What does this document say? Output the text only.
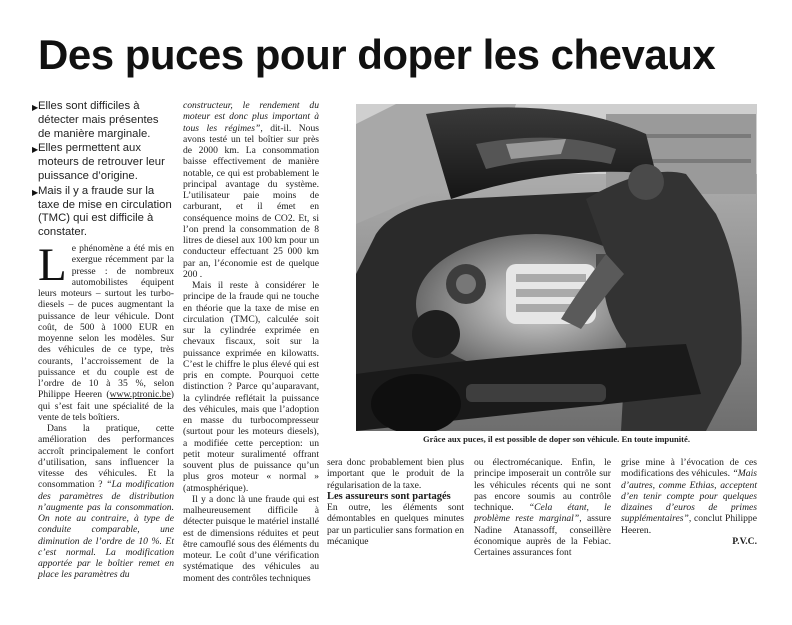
Des puces pour doper les chevaux
▶ Elles sont difficiles à détecter mais présentes de manière marginale.
▶ Elles permettent aux moteurs de retrouver leur puissance d’origine.
▶ Mais il y a fraude sur la taxe de mise en circulation (TMC) qui est difficile à constater.

Le phénomène a été mis en exergue récemment par la presse : de nombreux automobilistes équipent leurs moteurs – surtout les turbo-diesels – de puces augmentant la puissance de leur véhicule. Dont coût, de 500 à 1000 EUR en moyenne selon les modèles. Sur des véhicules de ce type, très courants, l’accroissement de la puissance et du couple est de l’ordre de 10 à 35 %, selon Philippe Heeren (www.ptronic.be) qui s’est fait une spécialité de la vente de tels boîtiers.

Dans la pratique, cette amélioration des performances accroît principalement le confort d’utilisation, sans influencer la vitesse des véhicules. Et la consommation ? “La modification des paramètres de distribution n’augmente pas la consommation. On note au contraire, à type de conduite comparable, une diminution de l’ordre de 10 %. Et c’est normal. La modification apportée par le boîtier remet en place les paramètres du

constructeur, le rendement du moteur est donc plus important à tous les régimes”, dit-il. Nous avons testé un tel boîtier sur près de 2000 km. La consommation baisse effectivement de manière notable, ce qui est probablement le principal avantage du système. L’utilisateur paie moins de carburant, et il émet en conséquence moins de CO2. Et, si l’on prend la consommation de 8 litres de diesel aux 100 km pour un conducteur effectuant 25 000 km par an, l’économie est de quelque 200 .

Mais il reste à considérer le principe de la fraude qui ne touche en théorie que la taxe de mise en circulation (TMC), calculée soit sur la cylindrée exprimée en chevaux fiscaux, soit sur la puissance exprimée en kilowatts. C’est le chiffre le plus élevé qui est pris en compte. Pourquoi cette distinction ? Parce qu’auparavant, la cylindrée reflétait la puissance des véhicules, mais que l’adoption en masse du turbocompresseur (surtout pour les moteurs diesels), a modifiée cette perception: un petit moteur suralimenté offrant souvent plus de puissance qu’un plus gros moteur « normal » (atmosphérique).

Il y a donc là une fraude qui est malheureusement difficile à détecter puisque le matériel installé est de dimensions réduites et peut être camouflé sous des éléments du moteur. Le coût d’une vérification systématique des véhicules au moment des contrôles techniques

Grâce aux puces, il est possible de doper son véhicule. En toute impunité.

sera donc probablement bien plus important que le produit de la régularisation de la taxe.

Les assureurs sont partagés

En outre, les éléments sont démontables en quelques minutes par un particulier sans formation en mécanique

ou électromécanique. Enfin, le principe imposerait un contrôle sur les véhicules récents qui ne sont pas encore soumis au contrôle technique. “Cela étant, le problème reste marginal”, assure Nadine Atanassoff, conseillère économique auprès de la Febiac. Certaines assurances font

grise mine à l’évocation de ces modifications des véhicules. “Mais d’autres, comme Ethias, acceptent d’en tenir compte pour quelques dizaines d’euros de primes supplémentaires”, conclut Philippe Heeren.

P.V.C.
